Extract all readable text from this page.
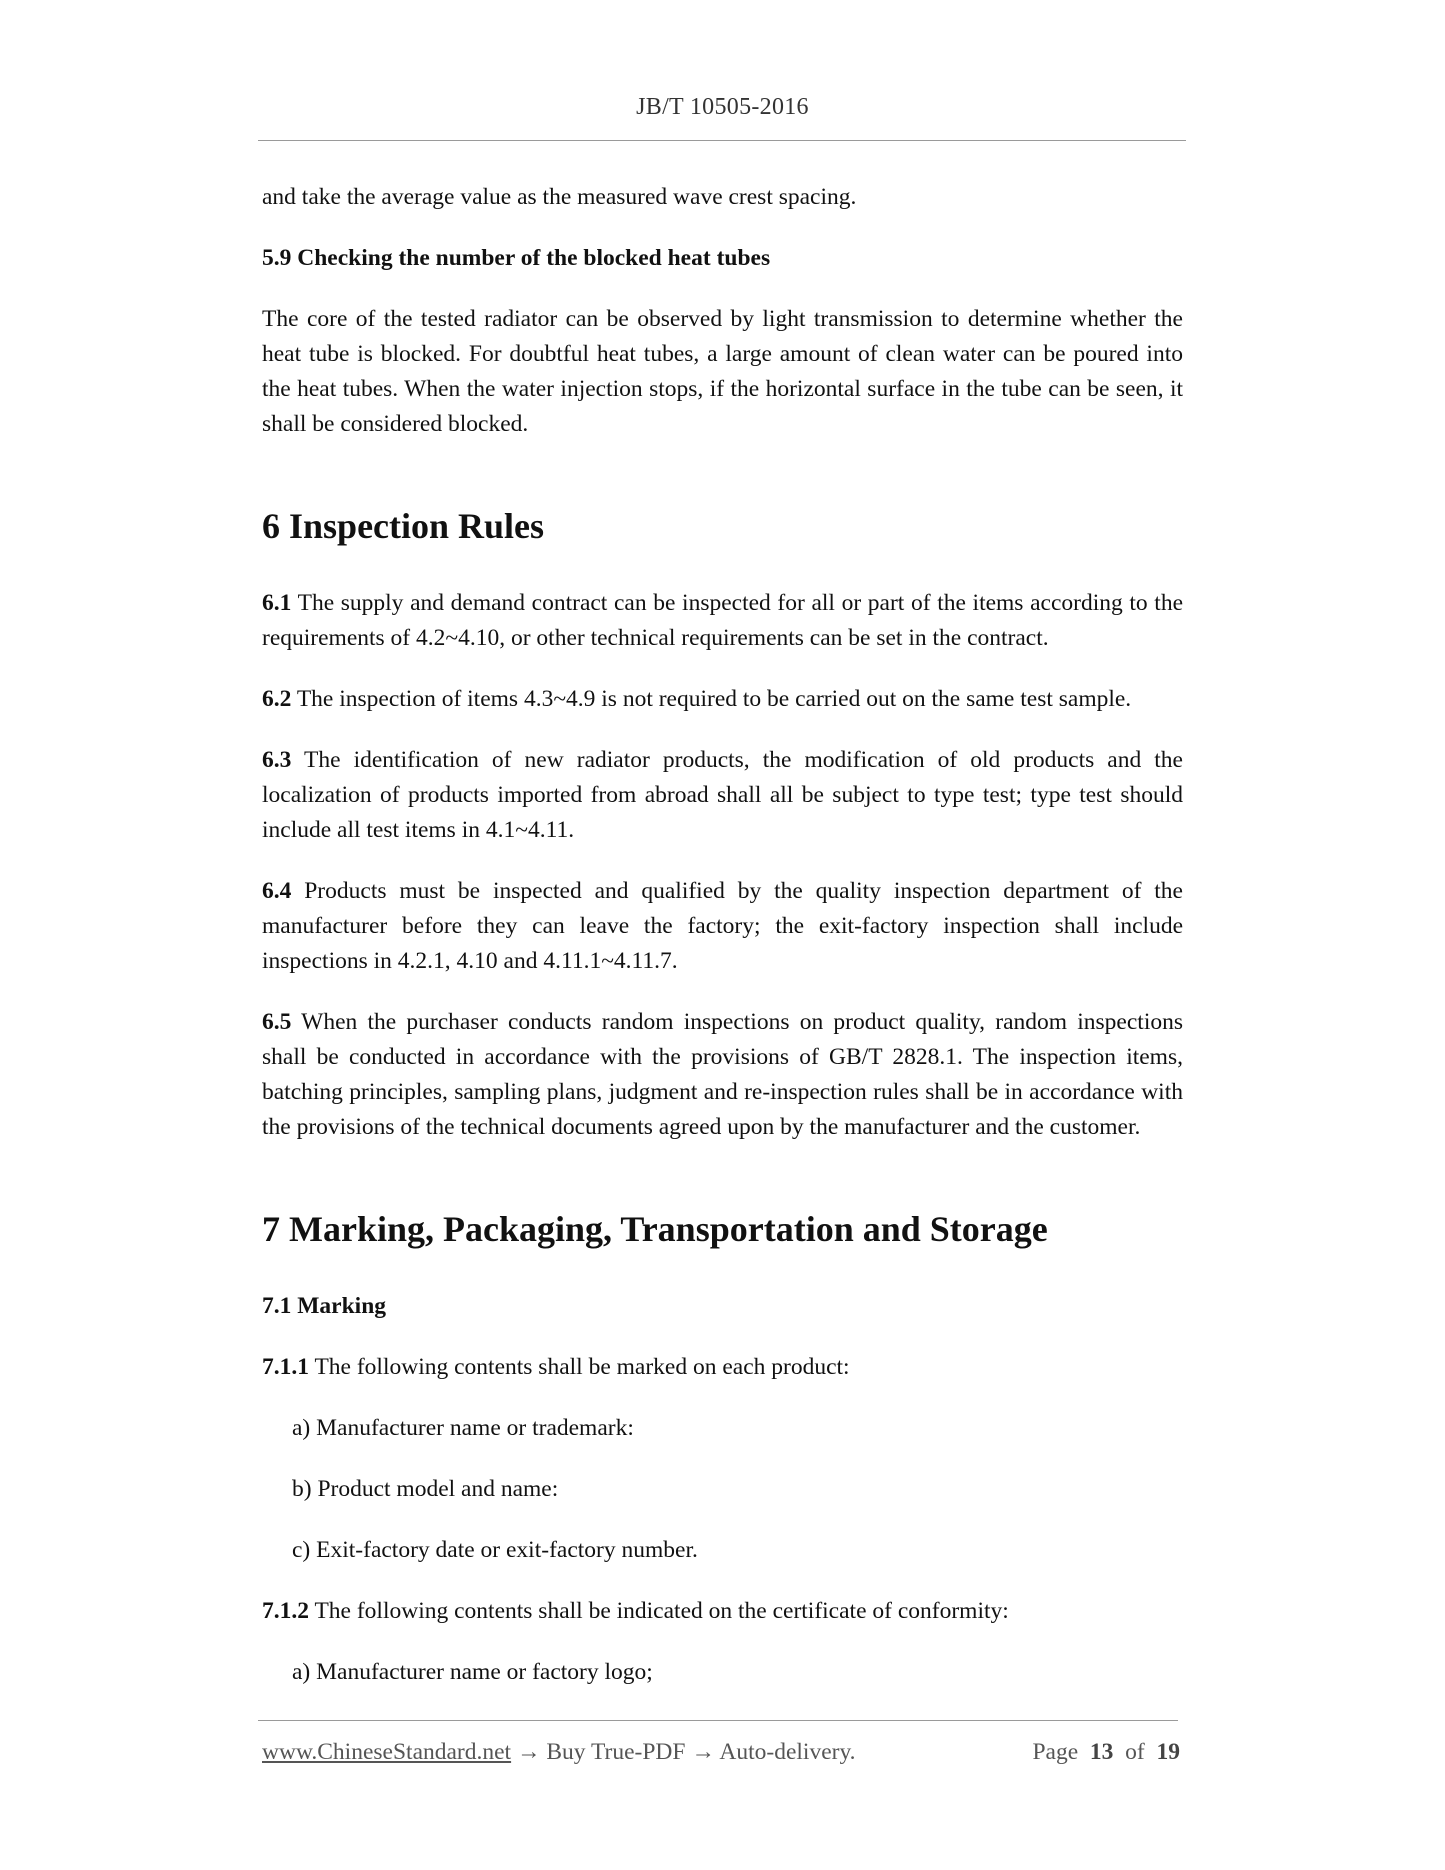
JB/T 10505-2016

and take the average value as the measured wave crest spacing.

5.9 Checking the number of the blocked heat tubes

The core of the tested radiator can be observed by light transmission to determine whether the heat tube is blocked. For doubtful heat tubes, a large amount of clean water can be poured into the heat tubes. When the water injection stops, if the horizontal surface in the tube can be seen, it shall be considered blocked.

6 Inspection Rules

6.1 The supply and demand contract can be inspected for all or part of the items according to the requirements of 4.2~4.10, or other technical requirements can be set in the contract.

6.2 The inspection of items 4.3~4.9 is not required to be carried out on the same test sample.

6.3 The identification of new radiator products, the modification of old products and the localization of products imported from abroad shall all be subject to type test; type test should include all test items in 4.1~4.11.

6.4 Products must be inspected and qualified by the quality inspection department of the manufacturer before they can leave the factory; the exit-factory inspection shall include inspections in 4.2.1, 4.10 and 4.11.1~4.11.7.

6.5 When the purchaser conducts random inspections on product quality, random inspections shall be conducted in accordance with the provisions of GB/T 2828.1. The inspection items, batching principles, sampling plans, judgment and re-inspection rules shall be in accordance with the provisions of the technical documents agreed upon by the manufacturer and the customer.

7 Marking, Packaging, Transportation and Storage
7.1 Marking

7.1.1 The following contents shall be marked on each product:

a) Manufacturer name or trademark:
b) Product model and name:
c) Exit-factory date or exit-factory number.

7.1.2 The following contents shall be indicated on the certificate of conformity:

a) Manufacturer name or factory logo;
www.ChineseStandard.net → Buy True-PDF → Auto-delivery.	Page 13 of 19
